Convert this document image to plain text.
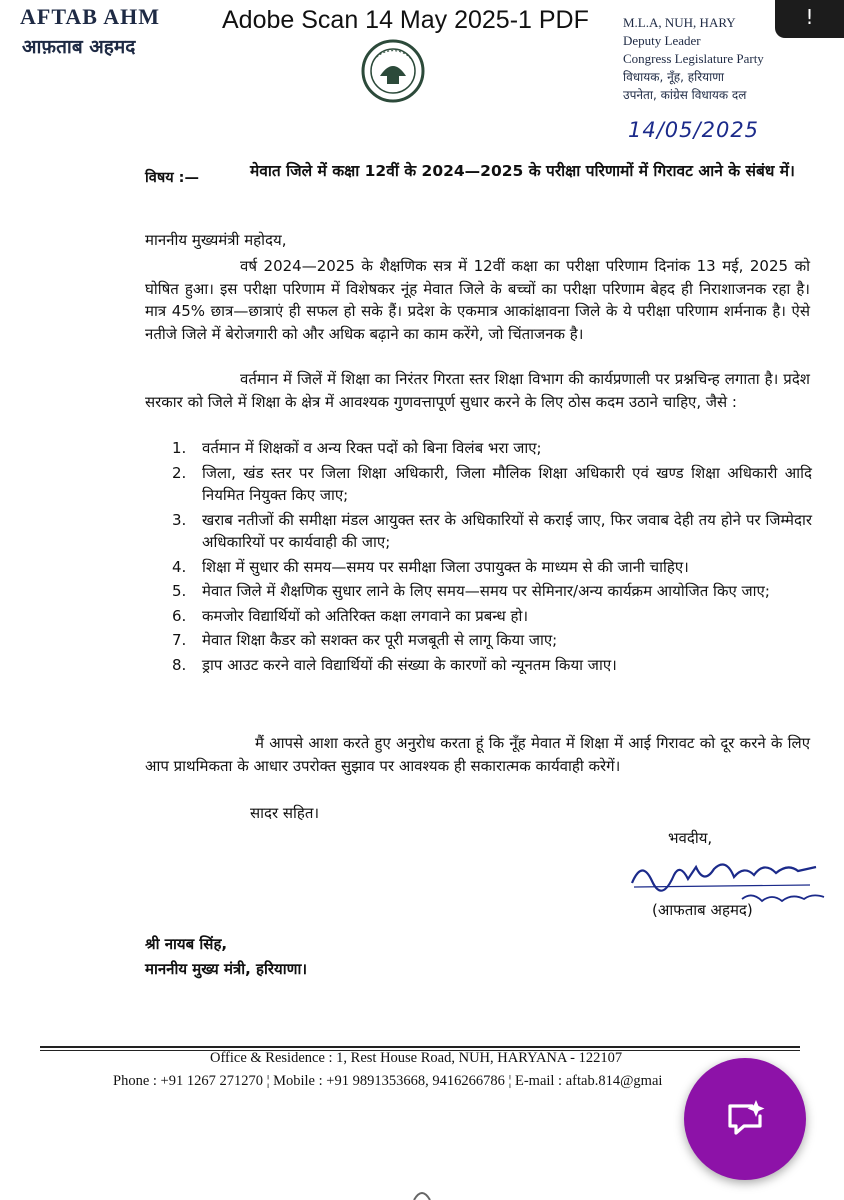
AFTAB AHM
आफ़ताब अहमद
Adobe Scan 14 May 2025-1 PDF	!
M.L.A, NUH, HARY
Deputy Leader
Congress Legislature Party
विधायक, नूँह, हरियाणा
उपनेता, कांग्रेस विधायक दल
14/05/2025
विषय :—	मेवात जिले में कक्षा 12वीं के 2024—2025 के परीक्षा परिणामों में गिरावट आने के संबंध में।
माननीय मुख्यमंत्री महोदय,
वर्ष 2024—2025 के शैक्षणिक सत्र में 12वीं कक्षा का परीक्षा परिणाम दिनांक 13 मई, 2025 को घोषित हुआ। इस परीक्षा परिणाम में विशेषकर नूंह मेवात जिले के बच्चों का परीक्षा परिणाम बेहद ही निराशाजनक रहा है। मात्र 45% छात्र—छात्राएं ही सफल हो सके हैं। प्रदेश के एकमात्र आकांक्षावना जिले के ये परीक्षा परिणाम शर्मनाक है। ऐसे नतीजे जिले में बेरोजगारी को और अधिक बढ़ाने का काम करेंगे, जो चिंताजनक है।
वर्तमान में जिलें में शिक्षा का निरंतर गिरता स्तर शिक्षा विभाग की कार्यप्रणाली पर प्रश्नचिन्ह लगाता है। प्रदेश सरकार को जिले में शिक्षा के क्षेत्र में आवश्यक गुणवत्तापूर्ण सुधार करने के लिए ठोस कदम उठाने चाहिए, जैसे :
1. वर्तमान में शिक्षकों व अन्य रिक्त पदों को बिना विलंब भरा जाए;
2. जिला, खंड स्तर पर जिला शिक्षा अधिकारी, जिला मौलिक शिक्षा अधिकारी एवं खण्ड शिक्षा अधिकारी आदि नियमित नियुक्त किए जाए;
3. खराब नतीजों की समीक्षा मंडल आयुक्त स्तर के अधिकारियों से कराई जाए, फिर जवाब देही तय होने पर जिम्मेदार अधिकारियों पर कार्यवाही की जाए;
4. शिक्षा में सुधार की समय—समय पर समीक्षा जिला उपायुक्त के माध्यम से की जानी चाहिए।
5. मेवात जिले में शैक्षणिक सुधार लाने के लिए समय—समय पर सेमिनार/अन्य कार्यक्रम आयोजित किए जाए;
6. कमजोर विद्यार्थियों को अतिरिक्त कक्षा लगवाने का प्रबन्ध हो।
7. मेवात शिक्षा कैडर को सशक्त कर पूरी मजबूती से लागू किया जाए;
8. ड्राप आउट करने वाले विद्यार्थियों की संख्या के कारणों को न्यूनतम किया जाए।
मैं आपसे आशा करते हुए अनुरोध करता हूं कि नूँह मेवात में शिक्षा में आई गिरावट को दूर करने के लिए आप प्राथमिकता के आधार उपरोक्त सुझाव पर आवश्यक ही सकारात्मक कार्यवाही करेगें।
सादर सहित।
भवदीय,
(आफताब अहमद)
श्री नायब सिंह,
माननीय मुख्य मंत्री, हरियाणा।
Office & Residence : 1, Rest House Road, NUH, HARYANA - 122107
Phone : +91 1267 271270 ¦ Mobile : +91 9891353668, 9416266786 ¦ E-mail : aftab.814@gmai
